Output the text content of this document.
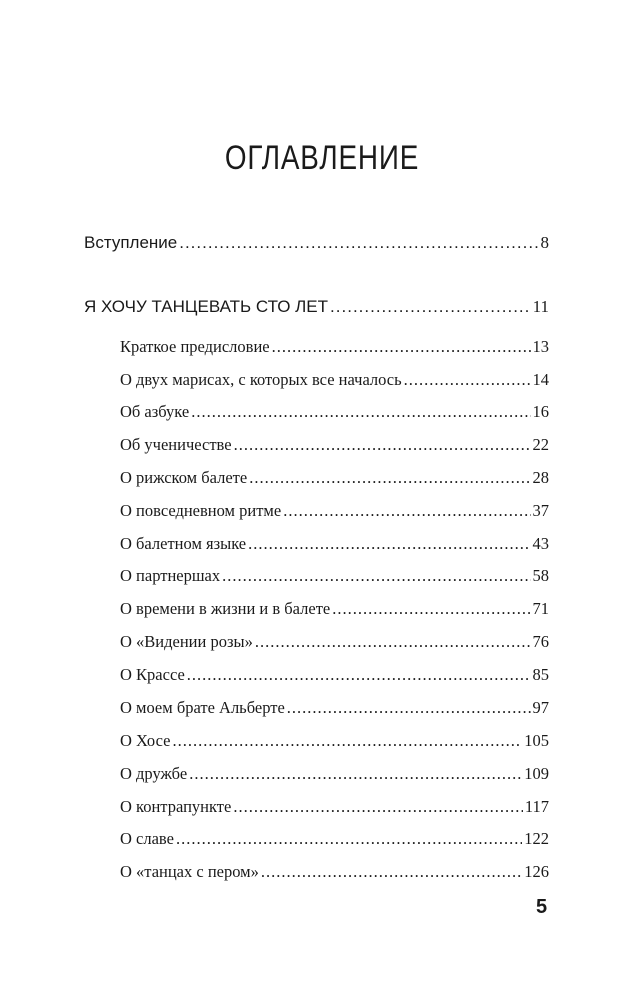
ОГЛАВЛЕНИЕ
Вступление .....	8
Я ХОЧУ ТАНЦЕВАТЬ СТО ЛЕТ .....	11
Краткое предисловие .....	13
О двух марисах, с которых все началось .....	14
Об азбуке .....	16
Об ученичестве .....	22
О рижском балете .....	28
О повседневном ритме .....	37
О балетном языке .....	43
О партнершах .....	58
О времени в жизни и в балете .....	71
О «Видении розы» .....	76
О Крассе .....	85
О моем брате Альберте .....	97
О Хосе .....	105
О дружбе .....	109
О контрапункте .....	117
О славе .....	122
О «танцах с пером» .....	126
5
